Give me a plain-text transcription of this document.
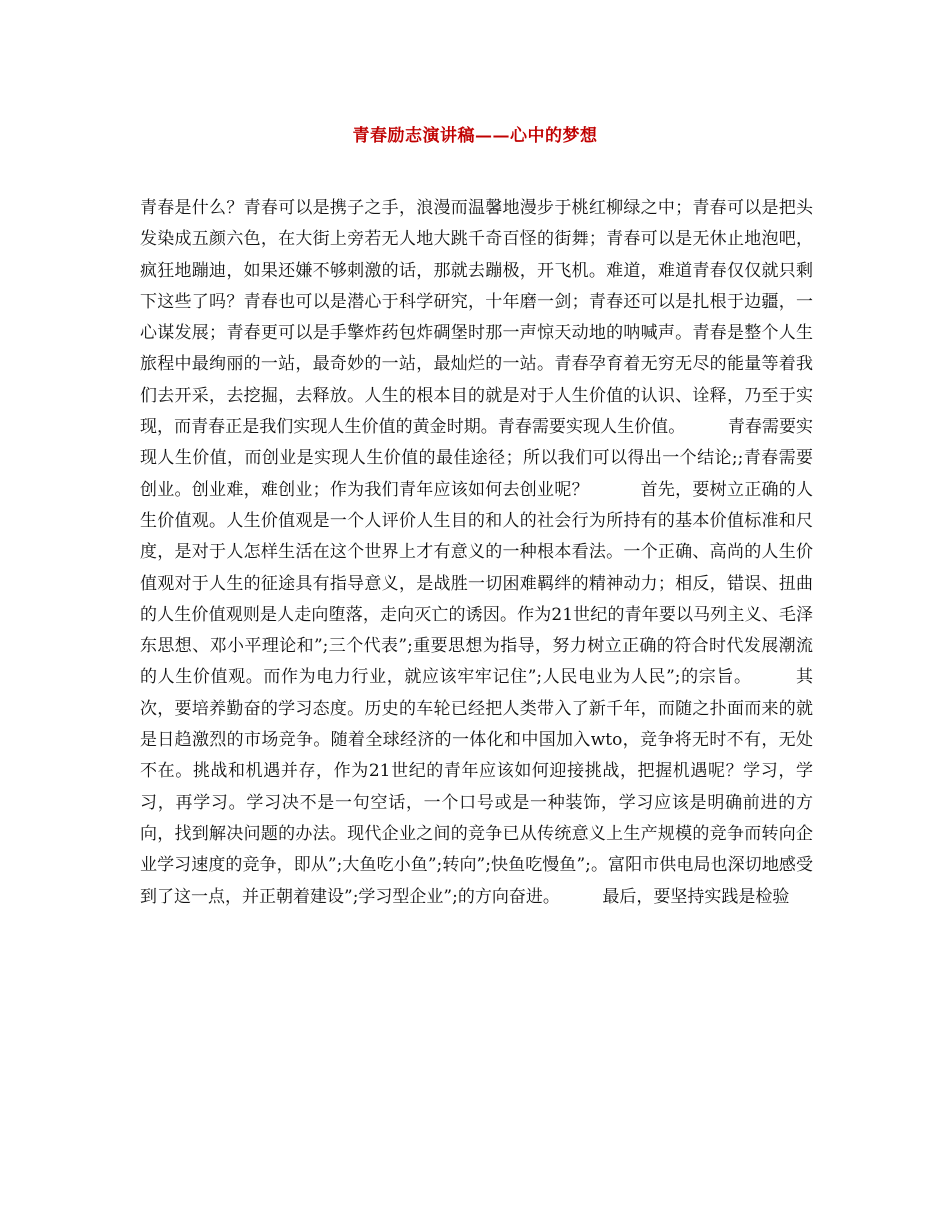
青春励志演讲稿——心中的梦想
青春是什么？青春可以是携子之手，浪漫而温馨地漫步于桃红柳绿之中；青春可以是把头发染成五颜六色，在大街上旁若无人地大跳千奇百怪的街舞；青春可以是无休止地泡吧，疯狂地蹦迪，如果还嫌不够刺激的话，那就去蹦极，开飞机。难道，难道青春仅仅就只剩下这些了吗？青春也可以是潜心于科学研究，十年磨一剑；青春还可以是扎根于边疆，一心谋发展；青春更可以是手擎炸药包炸碉堡时那一声惊天动地的呐喊声。青春是整个人生旅程中最绚丽的一站，最奇妙的一站，最灿烂的一站。青春孕育着无穷无尽的能量等着我们去开采，去挖掘，去释放。人生的根本目的就是对于人生价值的认识、诠释，乃至于实现，而青春正是我们实现人生价值的黄金时期。青春需要实现人生价值。　　　青春需要实现人生价值，而创业是实现人生价值的最佳途径；所以我们可以得出一个结论;;青春需要创业。创业难，难创业；作为我们青年应该如何去创业呢？　　　首先，要树立正确的人生价值观。人生价值观是一个人评价人生目的和人的社会行为所持有的基本价值标准和尺度，是对于人怎样生活在这个世界上才有意义的一种根本看法。一个正确、高尚的人生价值观对于人生的征途具有指导意义，是战胜一切困难羁绊的精神动力；相反，错误、扭曲的人生价值观则是人走向堕落，走向灭亡的诱因。作为21世纪的青年要以马列主义、毛泽东思想、邓小平理论和”;三个代表”;重要思想为指导，努力树立正确的符合时代发展潮流的人生价值观。而作为电力行业，就应该牢牢记住”;人民电业为人民”;的宗旨。　　　其次，要培养勤奋的学习态度。历史的车轮已经把人类带入了新千年，而随之扑面而来的就是日趋激烈的市场竞争。随着全球经济的一体化和中国加入wto，竞争将无时不有，无处不在。挑战和机遇并存，作为21世纪的青年应该如何迎接挑战，把握机遇呢？学习，学习，再学习。学习决不是一句空话，一个口号或是一种装饰，学习应该是明确前进的方向，找到解决问题的办法。现代企业之间的竞争已从传统意义上生产规模的竞争而转向企业学习速度的竞争，即从”;大鱼吃小鱼”;转向”;快鱼吃慢鱼”;。富阳市供电局也深切地感受到了这一点，并正朝着建设”;学习型企业”;的方向奋进。　　　最后，要坚持实践是检验
